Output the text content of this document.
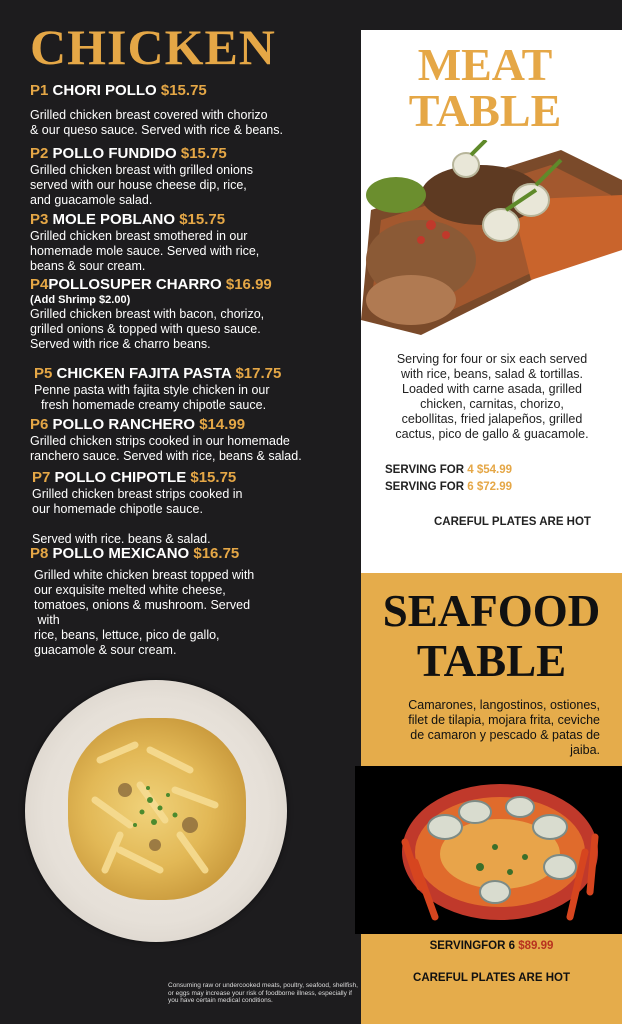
CHICKEN
P1 CHORI POLLO $15.75

Grilled chicken breast covered with chorizo
& our queso sauce. Served with rice & beans.

P2 POLLO FUNDIDO $15.75

Grilled chicken breast with grilled onions
served with our house cheese dip, rice,
and guacamole salad.

P3 MOLE POBLANO $15.75

Grilled chicken breast smothered in our
homemade mole sauce. Served with rice,
beans & sour cream.

P4POLLOSUPER CHARRO $16.99
(Add Shrimp $2.00)

Grilled chicken breast with bacon, chorizo,
grilled onions & topped with queso sauce.
Served with rice & charro beans.

P5 CHICKEN FAJITA PASTA $17.75

Penne pasta with fajita style chicken in our
fresh homemade creamy chipotle sauce.

P6 POLLO RANCHERO $14.99

Grilled chicken strips cooked in our homemade
ranchero sauce. Served with rice, beans & salad.

P7 POLLO CHIPOTLE $15.75

Grilled chicken breast strips cooked in
our homemade chipotle sauce.

Served with rice. beans & salad.

P8 POLLO MEXICANO $16.75

Grilled white chicken breast topped with
our exquisite melted white cheese,
tomatoes, onions & mushroom. Served
with
rice, beans, lettuce, pico de gallo,
guacamole & sour cream.

Consuming raw or undercooked meats, poultry, seafood, shellfish, or eggs may increase your risk of foodborne illness, especially if you have certain medical conditions.
MEAT
TABLE
Serving for four or six each served
with rice, beans, salad & tortillas.
Loaded with carne asada, grilled
chicken, carnitas, chorizo,
cebollitas, fried jalapeños, grilled
cactus, pico de gallo & guacamole.
SERVING FOR 4 $54.99
SERVING FOR 6 $72.99
CAREFUL PLATES ARE HOT
SEAFOOD
TABLE
Camarones, langostinos, ostiones,
filet de tilapia, mojara frita, ceviche
de camaron y pescado & patas de
jaiba.
SERVINGFOR 6 $89.99
CAREFUL PLATES ARE HOT
